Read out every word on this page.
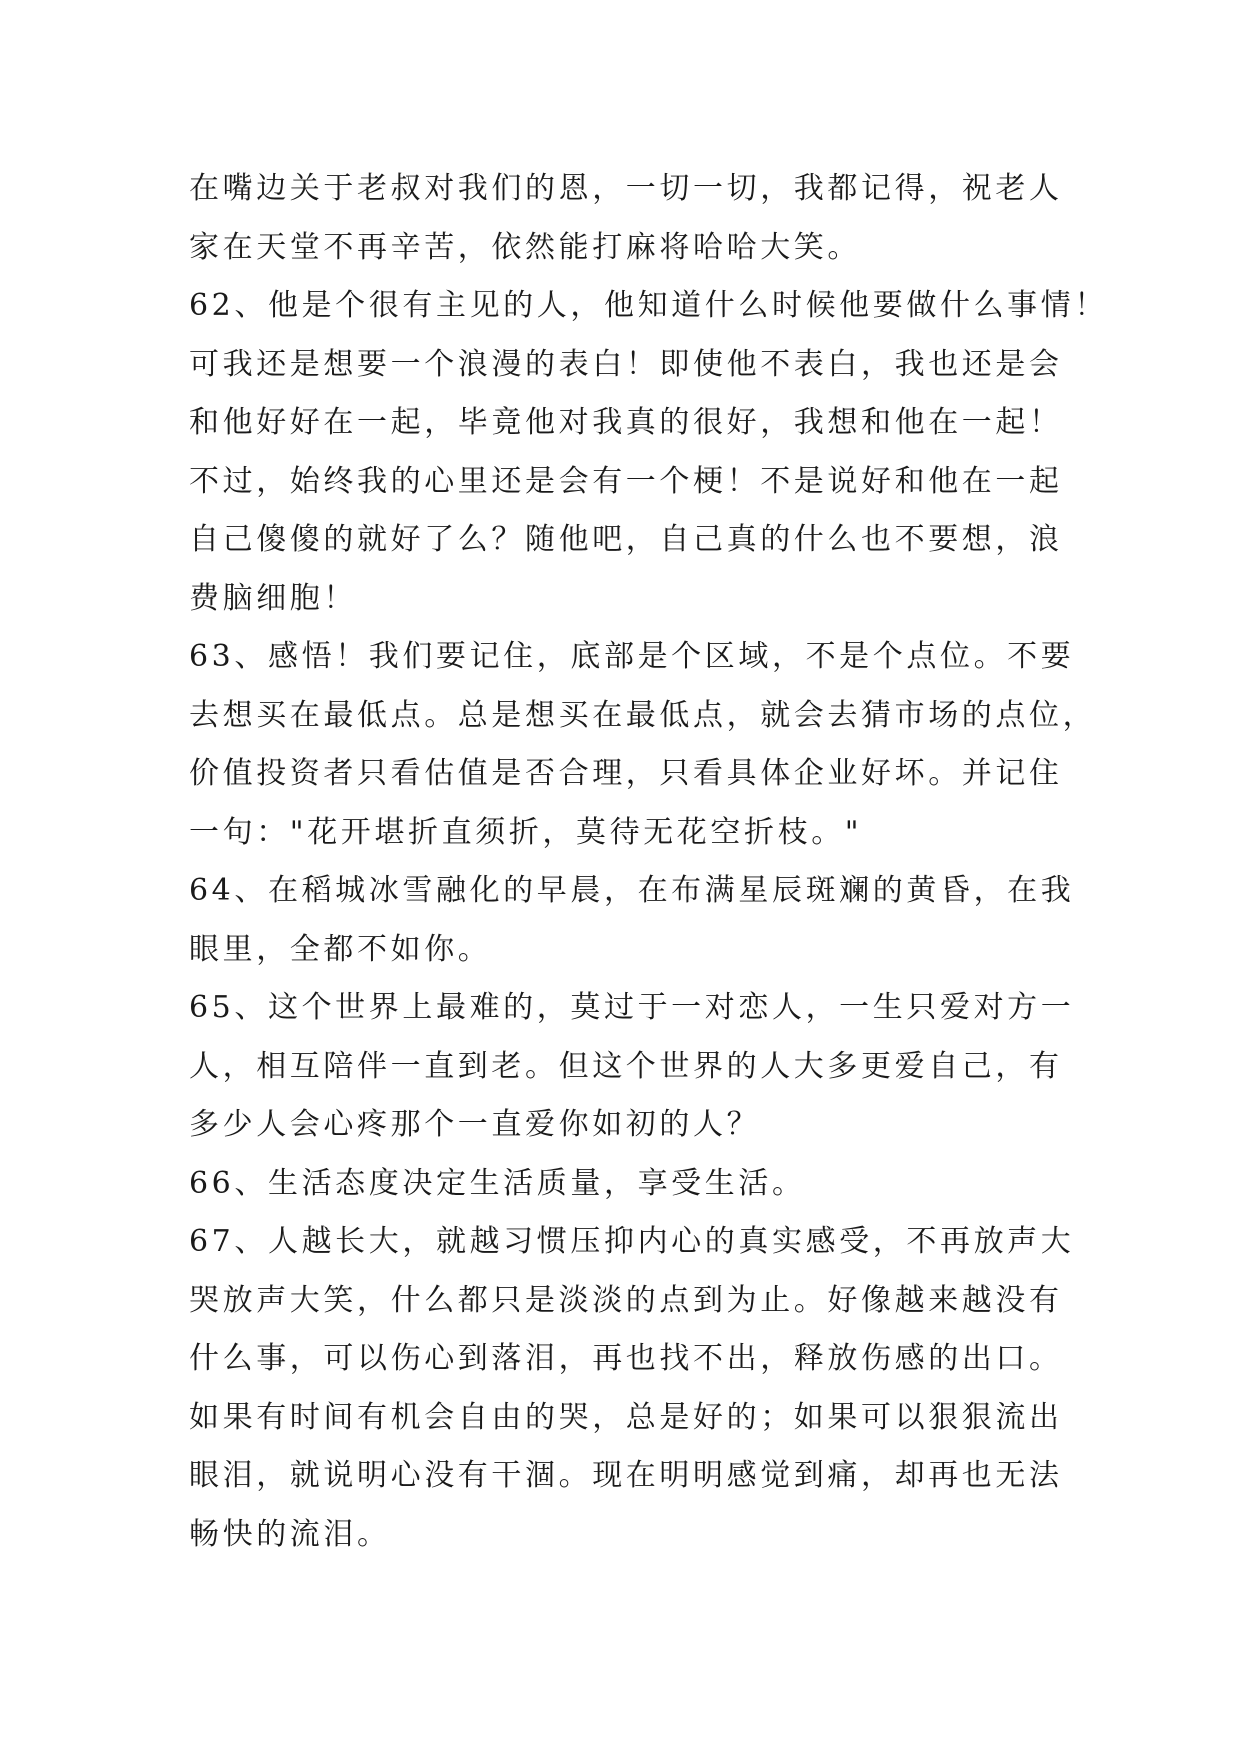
在嘴边关于老叔对我们的恩，一切一切，我都记得，祝老人
家在天堂不再辛苦，依然能打麻将哈哈大笑。
62、他是个很有主见的人，他知道什么时候他要做什么事情！
可我还是想要一个浪漫的表白！即使他不表白，我也还是会
和他好好在一起，毕竟他对我真的很好，我想和他在一起！
不过，始终我的心里还是会有一个梗！不是说好和他在一起
自己傻傻的就好了么？随他吧，自己真的什么也不要想，浪
费脑细胞！
63、感悟！我们要记住，底部是个区域，不是个点位。不要
去想买在最低点。总是想买在最低点，就会去猜市场的点位，
价值投资者只看估值是否合理，只看具体企业好坏。并记住
一句："花开堪折直须折，莫待无花空折枝。"
64、在稻城冰雪融化的早晨，在布满星辰斑斓的黄昏，在我
眼里，全都不如你。
65、这个世界上最难的，莫过于一对恋人，一生只爱对方一
人，相互陪伴一直到老。但这个世界的人大多更爱自己，有
多少人会心疼那个一直爱你如初的人？
66、生活态度决定生活质量，享受生活。
67、人越长大，就越习惯压抑内心的真实感受，不再放声大
哭放声大笑，什么都只是淡淡的点到为止。好像越来越没有
什么事，可以伤心到落泪，再也找不出，释放伤感的出口。
如果有时间有机会自由的哭，总是好的；如果可以狠狠流出
眼泪，就说明心没有干涸。现在明明感觉到痛，却再也无法
畅快的流泪。
